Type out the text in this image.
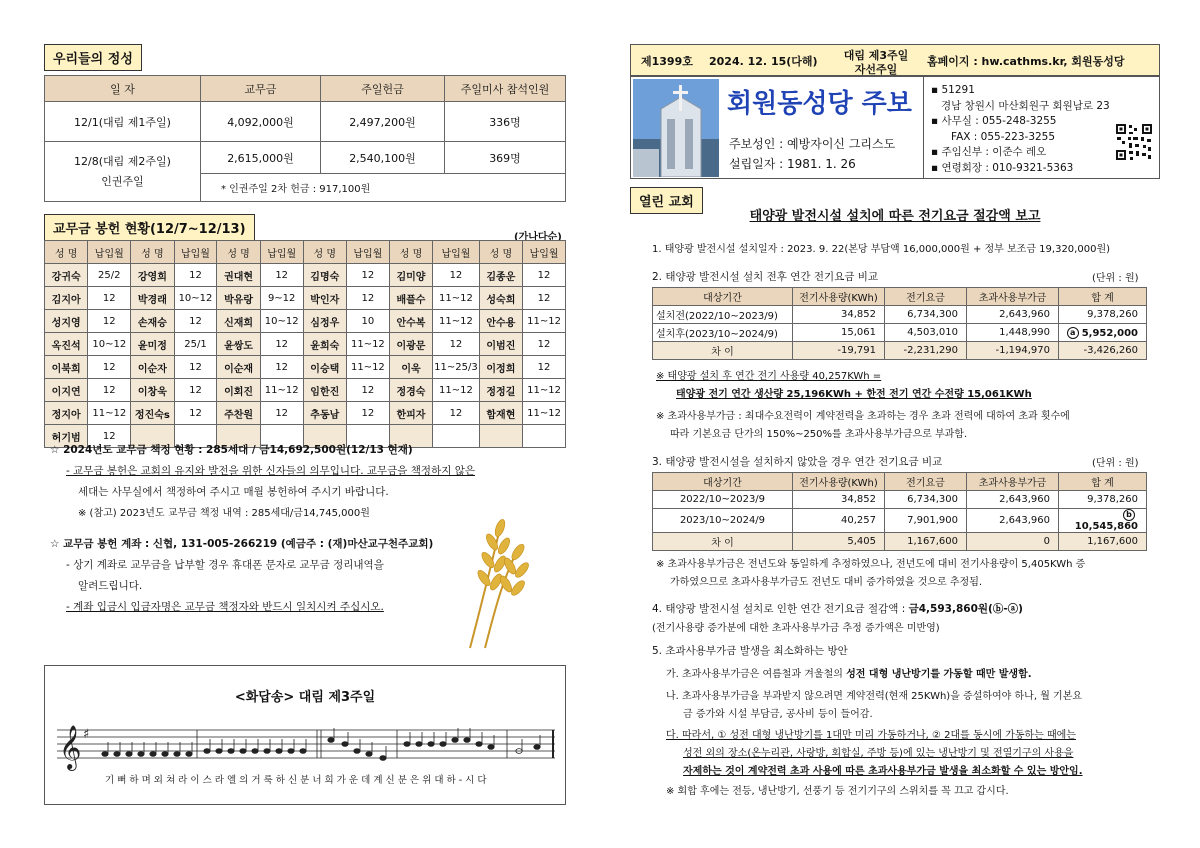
우리들의 정성
일 자	교무금	주일헌금	주일미사 참석인원
12/1(대림 제1주일)	4,092,000원	2,497,200원	336명

12/8(대림 제2주일)
인권주일	2,615,000원	2,540,100원	369명
	* 인권주일 2차 헌금 : 917,100원		
교무금 봉헌 현황(12/7~12/13)
(가나다순)
성 명	납입월	성 명	납입월	성 명	납입월	성 명	납입월	성 명	납입월	성 명	납입월
강귀숙	25/2	강영희	12	권대현	12	김명숙	12	김미양	12	김종운	12
김지아	12	박경래	10~12	박유랑	9~12	박인자	12	배플수	11~12	성숙희	12
성지영	12	손재승	12	신재희	10~12	심정우	10	안수복	11~12	안수용	11~12
옥진석	10~12	윤미정	25/1	윤쌍도	12	윤희숙	11~12	이광문	12	이범진	12
이북희	12	이순자	12	이순재	12	이승택	11~12	이욱	11~25/3	이정희	12
이지연	12	이창욱	12	이회진	11~12	임한진	12	정경숙	11~12	정정길	11~12
정지아	11~12	정진숙s	12	주찬원	12	추동남	12	한피자	12	함재현	11~12
허기범	12										
☆ 2024년도 교무금 책정 현황 : 285세대 / 금14,692,500원(12/13 현재)
- 교무금 봉헌은 교회의 유지와 발전을 위한 신자들의 의무입니다. 교무금을 책정하지 않은
세대는 사무실에서 책정하여 주시고 매월 봉헌하여 주시기 바랍니다.
※ (참고) 2023년도 교무금 책정 내역 : 285세대/금14,745,000원
☆ 교무금 봉헌 계좌 : 신협, 131-005-266219 (예금주 : (재)마산교구천주교회)
- 상기 계좌로 교무금을 납부할 경우 휴대폰 문자로 교무금 정리내역을
알려드립니다.
- 계좌 입금시 입금자명은 교무금 책정자와 반드시 일치시켜 주십시오.
<화답송> 대림 제3주일
𝄞 ♯
기 뻐 하 며 외 쳐 라 이 스 라 엘 의 거 룩 하 신 분 너 희 가 운 데 계 신 분 은 위 대 하 - 시 다
제1399호 2024. 12. 15(다해)	대림 제3주일
자선주일
홈페이지 : hw.cathms.kr, 회원동성당
회원동성당 주보
주보성인 : 예방자이신 그리스도
설립일자 : 1981. 1. 26
▪ 51291
경남 창원시 마산회원구 회원남로 23
▪ 사무실 : 055-248-3255
FAX : 055-223-3255
▪ 주임신부 : 이준수 레오
▪ 연령회장 : 010-9321-5363
열린 교회
태양광 발전시설 설치에 따른 전기요금 절감액 보고
1. 태양광 발전시설 설치일자 : 2023. 9. 22(본당 부담액 16,000,000원 + 정부 보조금 19,320,000원)
2. 태양광 발전시설 설치 전후 연간 전기요금 비교	(단위 : 원)
대상기간	전기사용량(KWh)	전기요금	초과사용부가금	합 계
설치전(2022/10~2023/9)	34,852	6,734,300	2,643,960	9,378,260
설치후(2023/10~2024/9)	15,061	4,503,010	1,448,990	a 5,952,000
차 이	-19,791	-2,231,290	-1,194,970	-3,426,260
※ 태양광 설치 후 연간 전기 사용량 40,257KWh =
태양광 전기 연간 생산량 25,196KWh + 한전 전기 연간 수전량 15,061KWh
※ 초과사용부가금 : 최대수요전력이 계약전력을 초과하는 경우 초과 전력에 대하여 초과 횟수에
따라 기본요금 단가의 150%~250%를 초과사용부가금으로 부과함.
3. 태양광 발전시설을 설치하지 않았을 경우 연간 전기요금 비교	(단위 : 원)
대상기간	전기사용량(KWh)	전기요금	초과사용부가금	합 계
2022/10~2023/9	34,852	6,734,300	2,643,960	9,378,260
2023/10~2024/9	40,257	7,901,900	2,643,960	b10,545,860
차 이	5,405	1,167,600	0	1,167,600
※ 초과사용부가금은 전년도와 동일하게 추정하였으나, 전년도에 대비 전기사용량이 5,405KWh 증
가하였으므로 초과사용부가금도 전년도 대비 증가하였을 것으로 추정됨.
4. 태양광 발전시설 설치로 인한 연간 전기요금 절감액 : 금4,593,860원(ⓑ-ⓐ)
(전기사용량 증가분에 대한 초과사용부가금 추정 증가액은 미반영)
5. 초과사용부가금 발생을 최소화하는 방안
가. 초과사용부가금은 여름철과 겨울철의 성전 대형 냉난방기를 가동할 때만 발생함.
나. 초과사용부가금을 부과받지 않으려면 계약전력(현재 25KWh)을 증설하여야 하나, 월 기본요
금 증가와 시설 부담금, 공사비 등이 들어감.
다. 따라서, ① 성전 대형 냉난방기를 1대만 미리 가동하거나, ② 2대를 동시에 가동하는 때에는
성전 외의 장소(온누리관, 사랑방, 회합실, 주방 등)에 있는 냉난방기 및 전열기구의 사용을
자제하는 것이 계약전력 초과 사용에 따른 초과사용부가금 발생을 최소화할 수 있는 방안임.
※ 회합 후에는 전등, 냉난방기, 선풍기 등 전기기구의 스위치를 꼭 끄고 갑시다.
